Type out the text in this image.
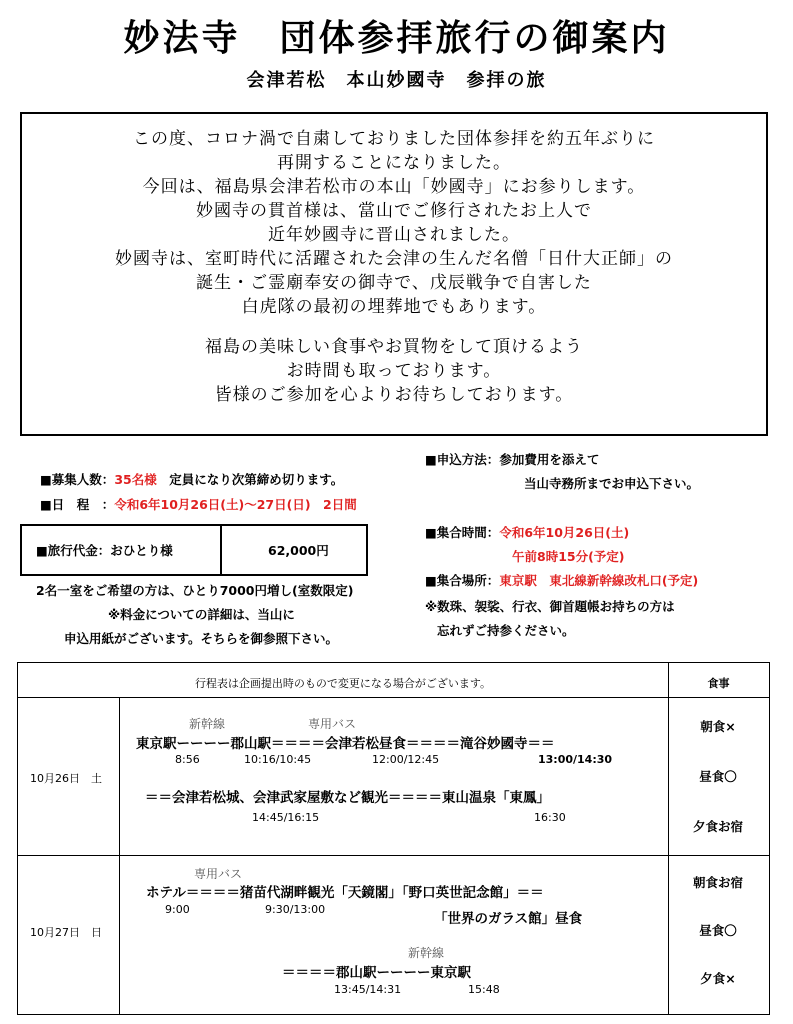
妙法寺　団体参拝旅行の御案内
会津若松　本山妙國寺　参拝の旅
この度、コロナ渦で自粛しておりました団体参拝を約五年ぶりに
再開することになりました。
今回は、福島県会津若松市の本山「妙國寺」にお参りします。
妙國寺の貫首様は、當山でご修行されたお上人で
近年妙國寺に晋山されました。
妙國寺は、室町時代に活躍された会津の生んだ名僧「日什大正師」の
誕生・ご霊廟奉安の御寺で、戊辰戦争で自害した
白虎隊の最初の埋葬地でもあります。
福島の美味しい食事やお買物をして頂けるよう
お時間も取っております。
皆様のご参加を心よりお待ちしております。
■募集人数：35名様　定員になり次第締め切ります。
■日　程　：令和6年10月26日(土)～27日(日)　2日間
■旅行代金：おひとり様	62,000円
2名一室をご希望の方は、ひとり7000円増し(室数限定)
※料金についての詳細は、当山に
申込用紙がございます。そちらを御参照下さい。
■申込方法：参加費用を添えて
当山寺務所までお申込下さい。
■集合時間：令和6年10月26日(土)
午前8時15分(予定)
■集合場所：東京駅　東北線新幹線改札口(予定)
※数珠、袈裟、行衣、御首題帳お持ちの方は
忘れずご持参ください。
行程表は企画提出時のもので変更になる場合がございます。	食事
10月26日　土
新幹線	専用バス
東京駅ーーーー郡山駅＝＝＝＝会津若松昼食＝＝＝＝滝谷妙國寺＝＝
8:56	10:16/10:45	12:00/12:45	13:00/14:30
＝＝会津若松城、会津武家屋敷など観光＝＝＝＝東山温泉「東鳳」
14:45/16:15	16:30
朝食×
昼食〇
夕食お宿
10月27日　日
専用バス
ホテル＝＝＝＝猪苗代湖畔観光「天鏡閣」「野口英世記念館」＝＝
9:00	9:30/13:00
「世界のガラス館」昼食
新幹線
＝＝＝＝郡山駅ーーーー東京駅
13:45/14:31	15:48
朝食お宿
昼食〇
夕食×
